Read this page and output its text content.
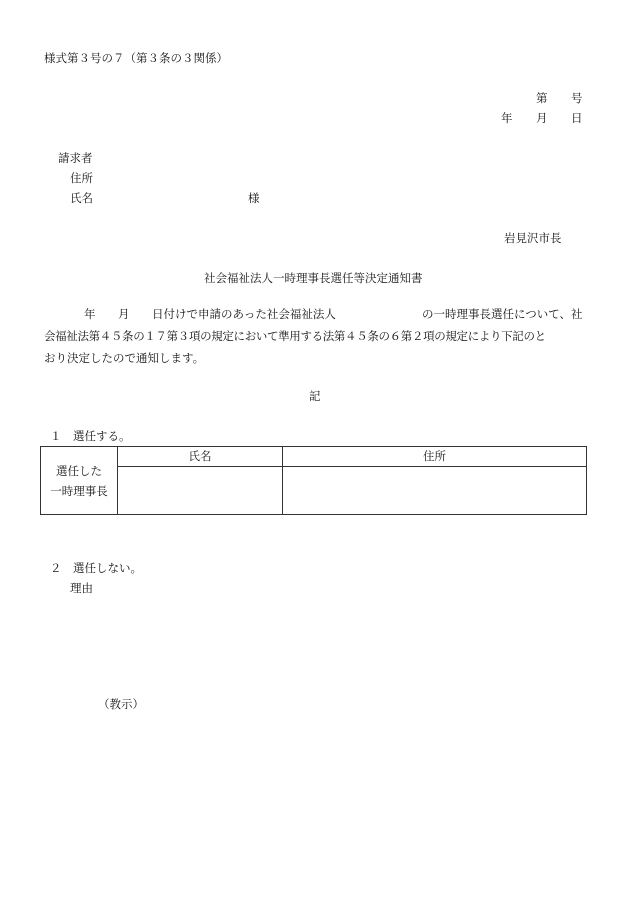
様式第３号の７（第３条の３関係）
第 号
年 月 日
請求者
住所
氏名	様
岩見沢市長
社会福祉法人一時理事長選任等決定通知書
年 月 日付けで申請のあった社会福祉法人	の一時理事長選任について、社
会福祉法第４５条の１７第３項の規定において準用する法第４５条の６第２項の規定により下記のと
おり決定したので通知します。
記
１　選任する。
選任した
一時理事長	氏名	住所

２　選任しない。
理由
（教示）
